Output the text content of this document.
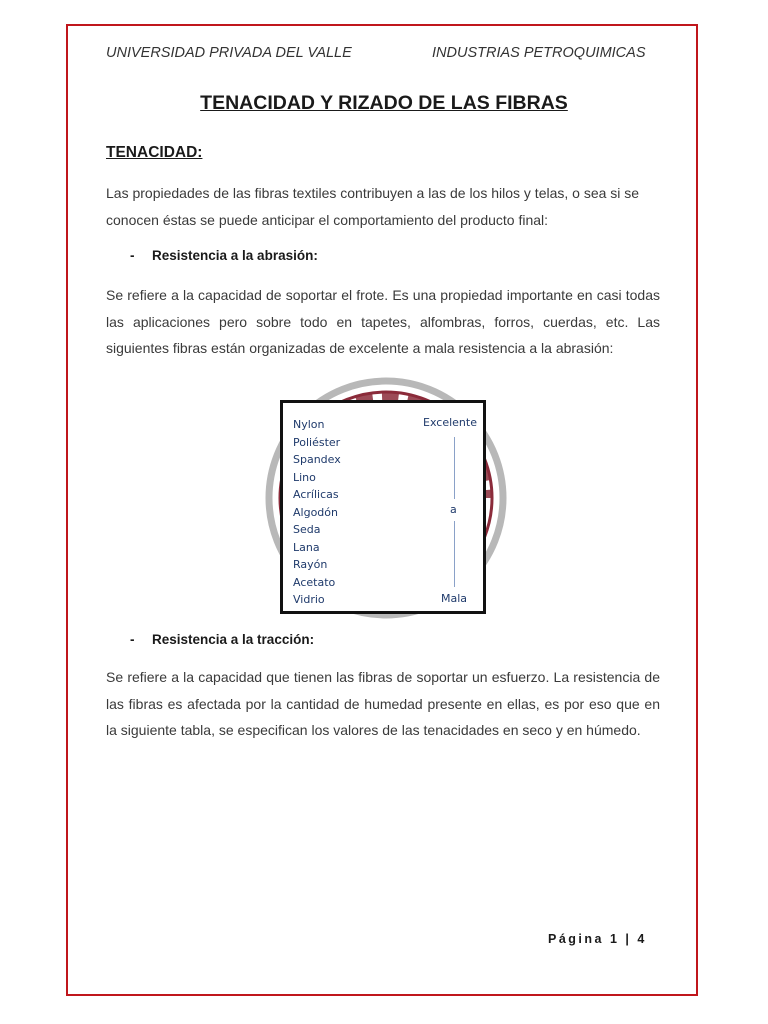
UNIVERSIDAD PRIVADA DEL VALLE	INDUSTRIAS PETROQUIMICAS
TENACIDAD Y RIZADO DE LAS FIBRAS
TENACIDAD:
Las propiedades de las fibras textiles contribuyen a las de los hilos y telas, o sea si se conocen éstas se puede anticipar el comportamiento del producto final:
- Resistencia a la abrasión:
Se refiere a la capacidad de soportar el frote. Es una propiedad importante en casi todas las aplicaciones pero sobre todo en tapetes, alfombras, forros, cuerdas, etc. Las siguientes fibras están organizadas de excelente a mala resistencia a la abrasión:
Nylon
Poliéster
Spandex
Lino
Acrílicas
Algodón
Seda
Lana
Rayón
Acetato
Vidrio
Excelente
a
Mala
- Resistencia a la tracción:
Se refiere a la capacidad que tienen las fibras de soportar un esfuerzo. La resistencia de las fibras es afectada por la cantidad de humedad presente en ellas, es por eso que en la siguiente tabla, se especifican los valores de las tenacidades en seco y en húmedo.
Página 1 | 4
